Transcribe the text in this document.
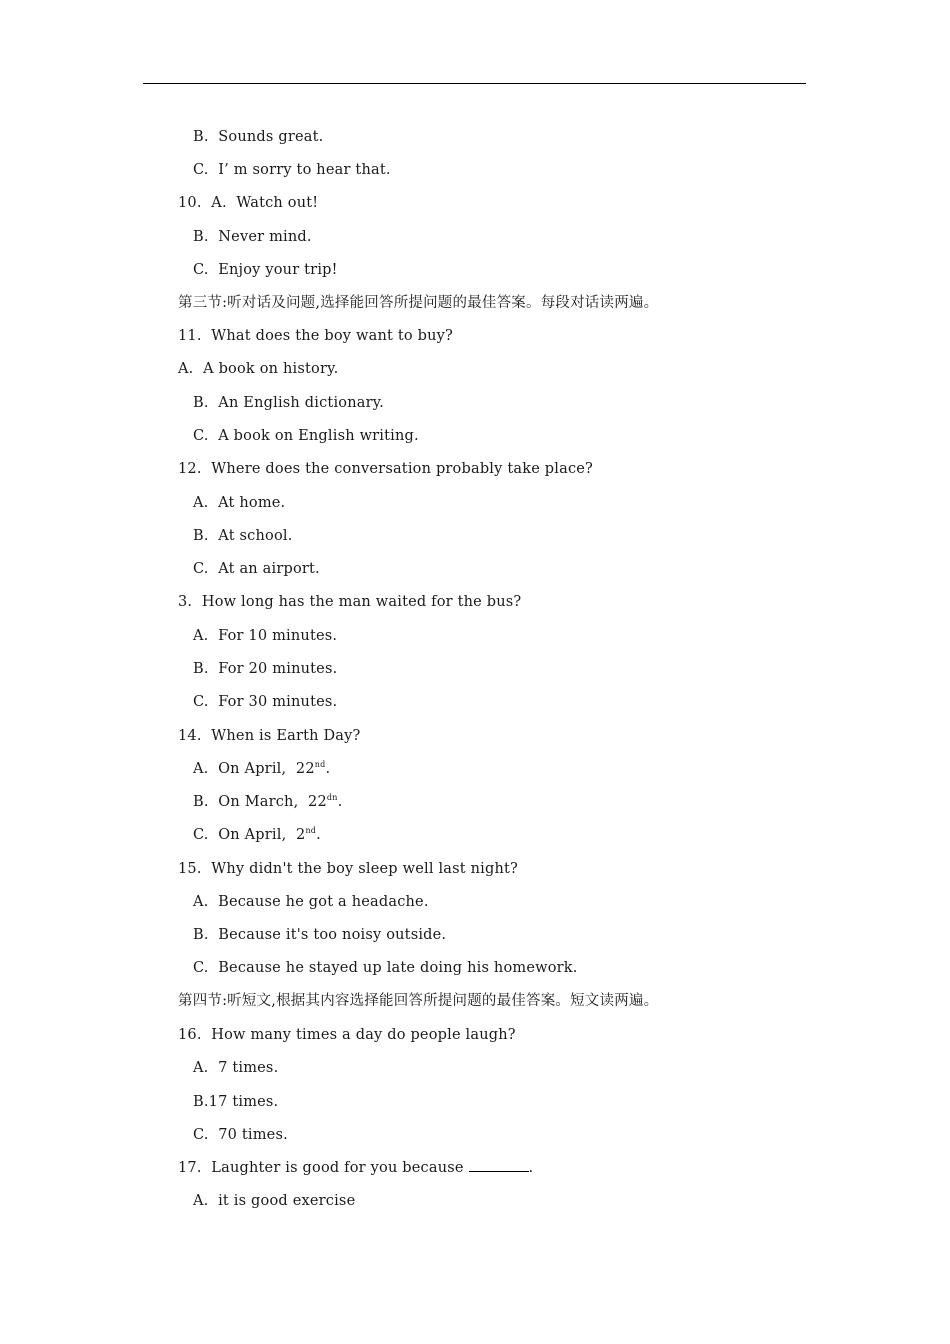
B.  Sounds great.
C.  I’ m sorry to hear that.
10.  A.  Watch out!
B.  Never mind.
C.  Enjoy your trip!
第三节:听对话及问题,选择能回答所提问题的最佳答案。每段对话读两遍。
11.  What does the boy want to buy?
A.  A book on history.
B.  An English dictionary.
C.  A book on English writing.
12.  Where does the conversation probably take place?
A.  At home.
B.  At school.
C.  At an airport.
3.  How long has the man waited for the bus?
A.  For 10 minutes.
B.  For 20 minutes.
C.  For 30 minutes.
14.  When is Earth Day?
A.  On April,  22nd.
B.  On March,  $22^{dn}$.
C.  On April,  2nd.
15.  Why didn't the boy sleep well last night?
A.  Because he got a headache.
B.  Because it's too noisy outside.
C.  Because he stayed up late doing his homework.
第四节:听短文,根据其内容选择能回答所提问题的最佳答案。短文读两遍。
16.  How many times a day do people laugh?
A.  7 times.
B.17 times.
C.  70 times.
17.  Laughter is good for you because	.
A.  it is good exercise
